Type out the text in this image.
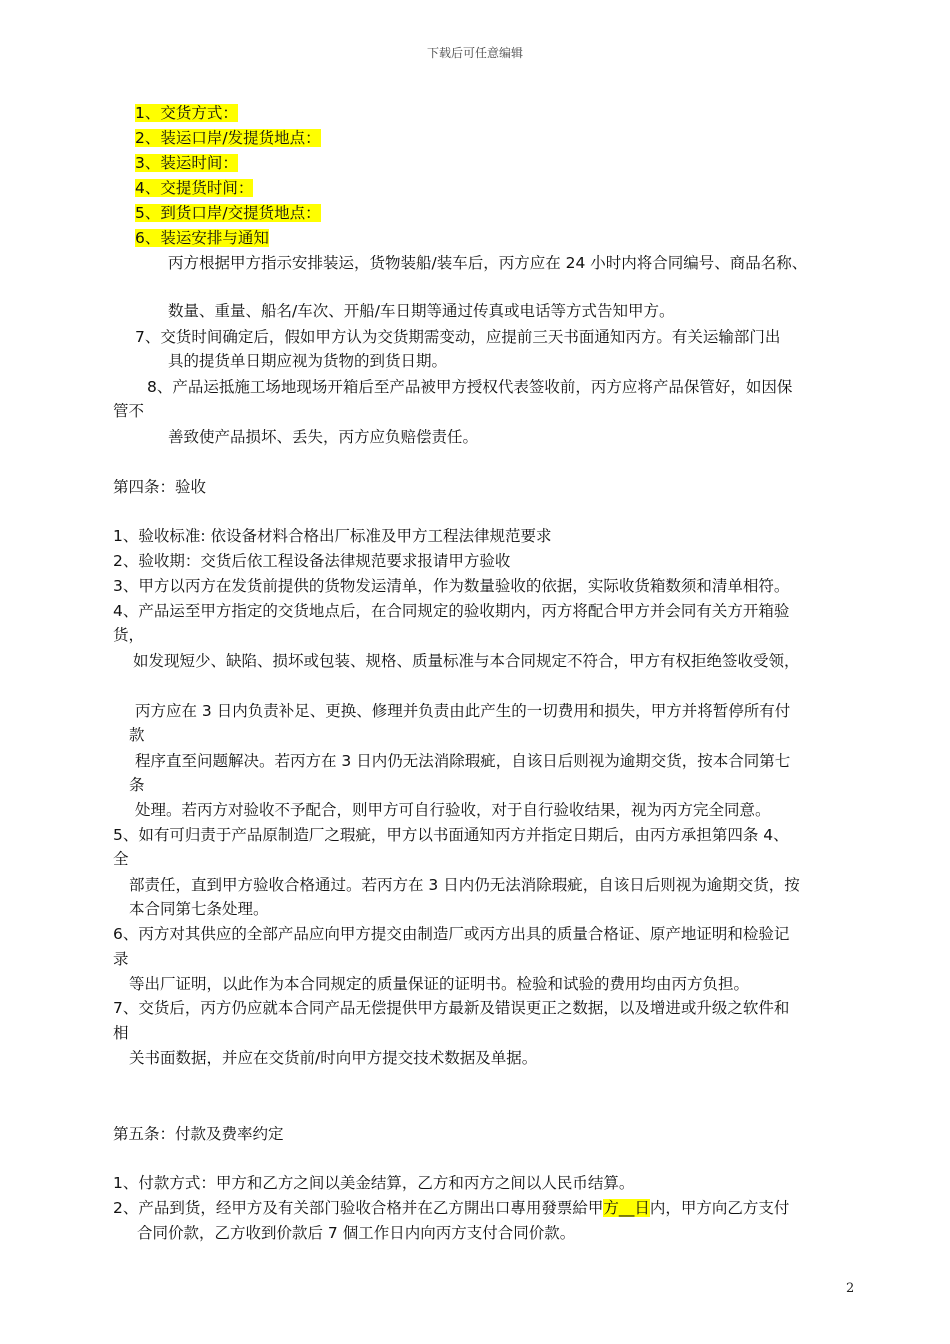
下载后可任意编辑
1、交货方式：
2、装运口岸/发提货地点：
3、装运时间：
4、交提货时间：
5、到货口岸/交提货地点：
6、装运安排与通知
丙方根据甲方指示安排装运，货物装船/装车后，丙方应在 24 小时内将合同编号、商品名称、
数量、重量、船名/车次、开船/车日期等通过传真或电话等方式告知甲方。
7、交货时间确定后，假如甲方认为交货期需变动，应提前三天书面通知丙方。有关运输部门出
具的提货单日期应视为货物的到货日期。
8、产品运抵施工场地现场开箱后至产品被甲方授权代表签收前，丙方应将产品保管好，如因保
管不
善致使产品损坏、丢失，丙方应负赔偿责任。
第四条：验收
1、验收标准: 依设备材料合格出厂标准及甲方工程法律规范要求
2、验收期：交货后依工程设备法律规范要求报请甲方验收
3、甲方以丙方在发货前提供的货物发运清单，作为数量验收的依据，实际收货箱数须和清单相符。
4、产品运至甲方指定的交货地点后，在合同规定的验收期内，丙方将配合甲方并会同有关方开箱验
货，
如发现短少、缺陷、损坏或包装、规格、质量标准与本合同规定不符合，甲方有权拒绝签收受领，
丙方应在 3 日内负责补足、更换、修理并负责由此产生的一切费用和损失，甲方并将暂停所有付
款
程序直至问题解决。若丙方在 3 日内仍无法消除瑕疵，自该日后则视为逾期交货，按本合同第七
条
处理。若丙方对验收不予配合，则甲方可自行验收，对于自行验收结果，视为丙方完全同意。
5、如有可归责于产品原制造厂之瑕疵，甲方以书面通知丙方并指定日期后，由丙方承担第四条 4、
全
部责任，直到甲方验收合格通过。若丙方在 3 日内仍无法消除瑕疵，自该日后则视为逾期交货，按
本合同第七条处理。
6、丙方对其供应的全部产品应向甲方提交由制造厂或丙方出具的质量合格证、原产地证明和检验记
录
等出厂证明，以此作为本合同规定的质量保证的证明书。检验和试验的费用均由丙方负担。
7、交货后，丙方仍应就本合同产品无偿提供甲方最新及错误更正之数据，以及增进或升级之软件和
相
关书面数据，并应在交货前/时向甲方提交技术数据及单据。
第五条：付款及费率约定
1、付款方式：甲方和乙方之间以美金结算，乙方和丙方之间以人民币结算。
2、产品到货，经甲方及有关部门验收合格并在乙方開出口專用發票給甲方__日内，甲方向乙方支付
合同价款，乙方收到价款后 7 個工作日内向丙方支付合同价款。
2
